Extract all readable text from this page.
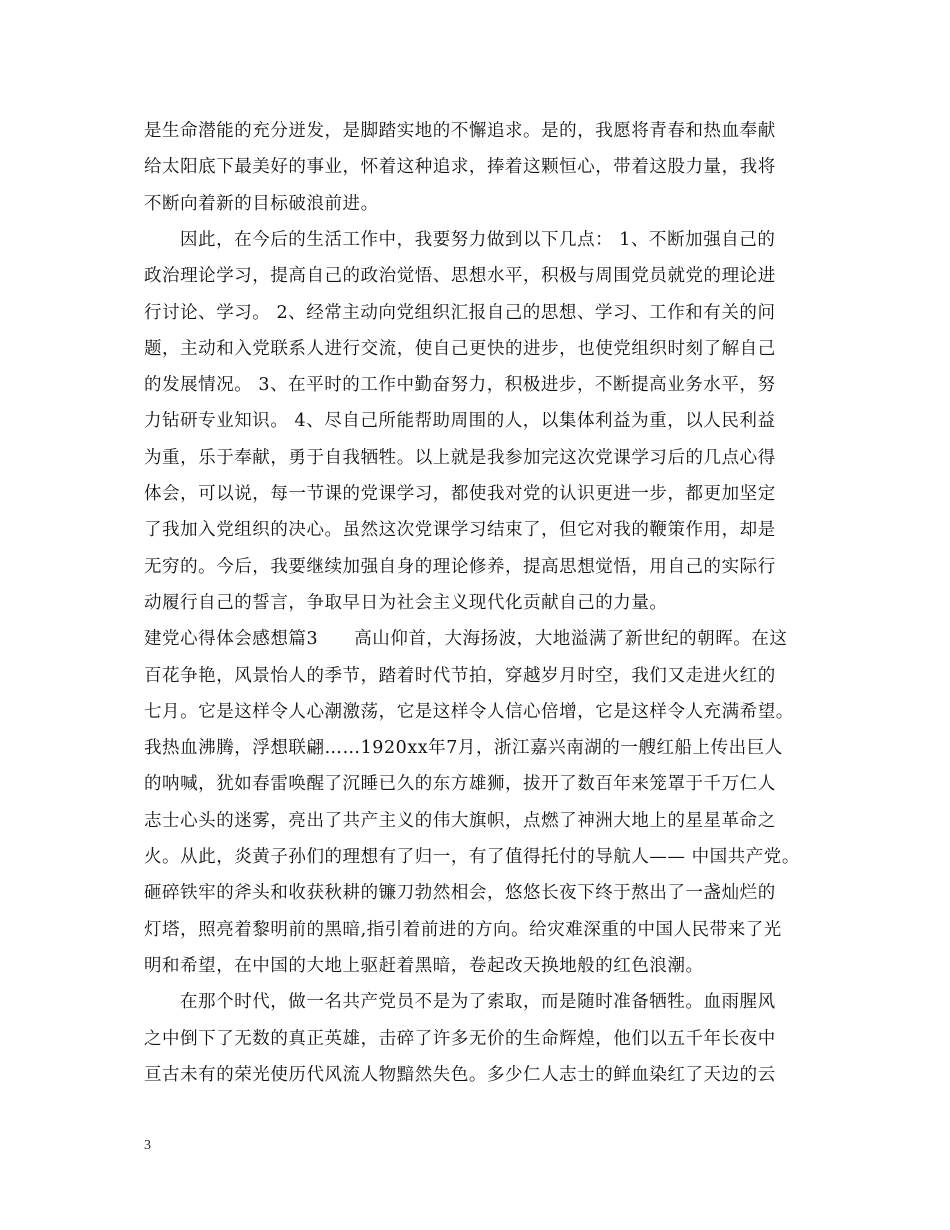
是生命潜能的充分迸发，是脚踏实地的不懈追求。是的，我愿将青春和热血奉献
给太阳底下最美好的事业，怀着这种追求，捧着这颗恒心，带着这股力量，我将
不断向着新的目标破浪前进。
因此，在今后的生活工作中，我要努力做到以下几点： 1、不断加强自己的
政治理论学习，提高自己的政治觉悟、思想水平，积极与周围党员就党的理论进
行讨论、学习。 2、经常主动向党组织汇报自己的思想、学习、工作和有关的问
题，主动和入党联系人进行交流，使自己更快的进步，也使党组织时刻了解自己
的发展情况。 3、在平时的工作中勤奋努力，积极进步，不断提高业务水平，努
力钻研专业知识。 4、尽自己所能帮助周围的人，以集体利益为重，以人民利益
为重，乐于奉献，勇于自我牺牲。以上就是我参加完这次党课学习后的几点心得
体会，可以说，每一节课的党课学习，都使我对党的认识更进一步，都更加坚定
了我加入党组织的决心。虽然这次党课学习结束了，但它对我的鞭策作用，却是
无穷的。今后，我要继续加强自身的理论修养，提高思想觉悟，用自己的实际行
动履行自己的誓言，争取早日为社会主义现代化贡献自己的力量。
建党心得体会感想篇3　　高山仰首，大海扬波，大地溢满了新世纪的朝晖。在这
百花争艳，风景怡人的季节，踏着时代节拍，穿越岁月时空，我们又走进火红的
七月。它是这样令人心潮激荡，它是这样令人信心倍增，它是这样令人充满希望。
我热血沸腾，浮想联翩……1920xx年7月，浙江嘉兴南湖的一艘红船上传出巨人
的呐喊，犹如春雷唤醒了沉睡已久的东方雄狮，拔开了数百年来笼罩于千万仁人
志士心头的迷雾，亮出了共产主义的伟大旗帜，点燃了神洲大地上的星星革命之
火。从此，炎黄子孙们的理想有了归一，有了值得托付的导航人—— 中国共产党。
砸碎铁牢的斧头和收获秋耕的镰刀勃然相会，悠悠长夜下终于熬出了一盏灿烂的
灯塔，照亮着黎明前的黑暗,指引着前进的方向。给灾难深重的中国人民带来了光
明和希望，在中国的大地上驱赶着黑暗，卷起改天换地般的红色浪潮。
在那个时代，做一名共产党员不是为了索取，而是随时准备牺牲。血雨腥风
之中倒下了无数的真正英雄，击碎了许多无价的生命辉煌，他们以五千年长夜中
亘古未有的荣光使历代风流人物黯然失色。多少仁人志士的鲜血染红了天边的云
3
